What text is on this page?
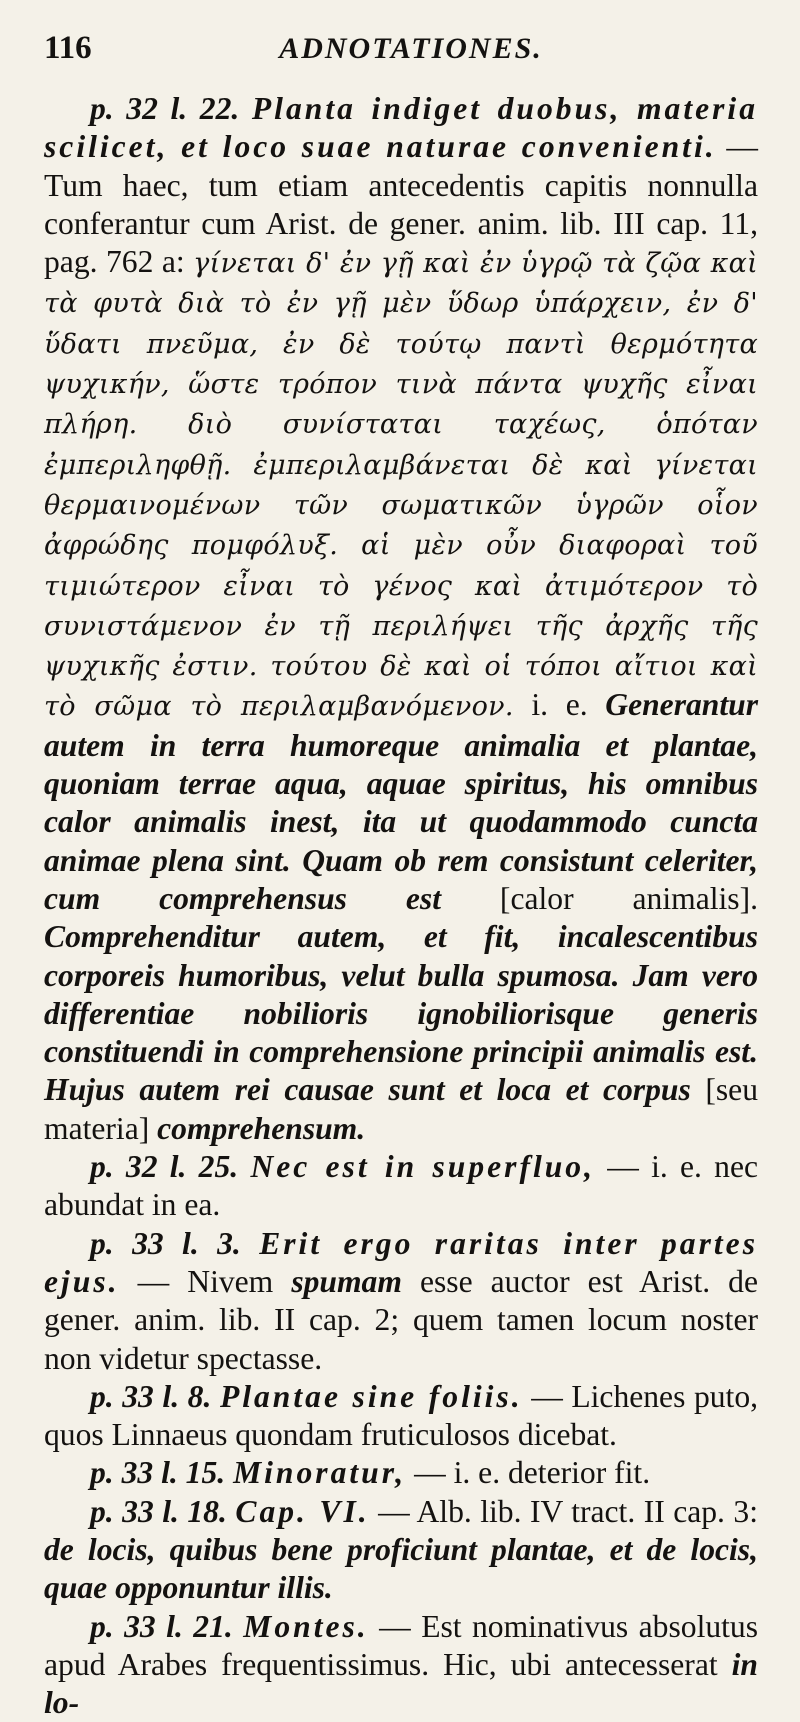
116	ADNOTATIONES.

p. 32 l. 22. Planta indiget duobus, materia scilicet, et loco suae naturae convenienti. — Tum haec, tum etiam antecedentis capitis nonnulla conferantur cum Arist. de gener. anim. lib. III cap. 11, pag. 762 a: γίνεται δ' ἐν γῇ καὶ ἐν ὑγρῷ τὰ ζῷα καὶ τὰ φυτὰ διὰ τὸ ἐν γῇ μὲν ὕδωρ ὑπάρχειν, ἐν δ' ὕδατι πνεῦμα, ἐν δὲ τούτῳ παντὶ θερμότητα ψυχικήν, ὥστε τρόπον τινὰ πάντα ψυχῆς εἶναι πλήρη. διὸ συνίσταται ταχέως, ὁπόταν ἐμπεριληφθῇ. ἐμπεριλαμβάνεται δὲ καὶ γίνεται θερμαινομένων τῶν σωματικῶν ὑγρῶν οἷον ἀφρώδης πομφόλυξ. αἱ μὲν οὖν διαφοραὶ τοῦ τιμιώτερον εἶναι τὸ γένος καὶ ἀτιμότερον τὸ συνιστάμενον ἐν τῇ περιλήψει τῆς ἀρχῆς τῆς ψυχικῆς ἐστιν. τούτου δὲ καὶ οἱ τόποι αἴτιοι καὶ τὸ σῶμα τὸ περιλαμβανόμενον. i. e. Generantur autem in terra humoreque animalia et plantae, quoniam terrae aqua, aquae spiritus, his omnibus calor animalis inest, ita ut quodammodo cuncta animae plena sint. Quam ob rem consistunt celeriter, cum comprehensus est [calor animalis]. Comprehenditur autem, et fit, incalescentibus corporeis humoribus, velut bulla spumosa. Jam vero differentiae nobilioris ignobiliorisque generis constituendi in comprehensione principii animalis est. Hujus autem rei causae sunt et loca et corpus [seu materia] comprehensum.

p. 32 l. 25. Nec est in superfluo, — i. e. nec abundat in ea.

p. 33 l. 3. Erit ergo raritas inter partes ejus. — Nivem spumam esse auctor est Arist. de gener. anim. lib. II cap. 2; quem tamen locum noster non videtur spectasse.

p. 33 l. 8. Plantae sine foliis. — Lichenes puto, quos Linnaeus quondam fruticulosos dicebat.

p. 33 l. 15. Minoratur, — i. e. deterior fit.

p. 33 l. 18. Cap. VI. — Alb. lib. IV tract. II cap. 3: de locis, quibus bene proficiunt plantae, et de locis, quae opponuntur illis.

p. 33 l. 21. Montes. — Est nominativus absolutus apud Arabes frequentissimus. Hic, ubi antecesserat in lo-
